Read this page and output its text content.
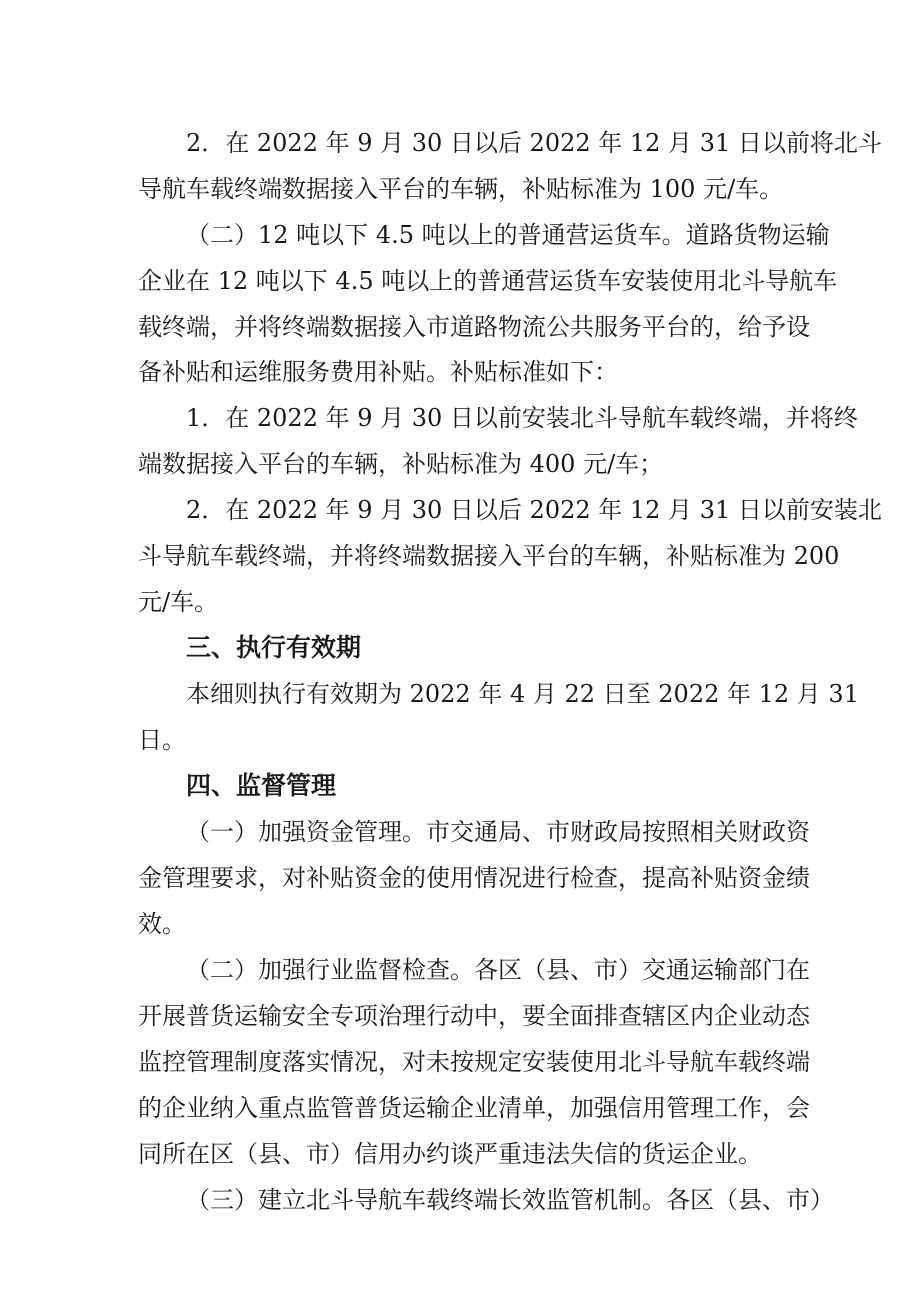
2．在 2022 年 9 月 30 日以后 2022 年 12 月 31 日以前将北斗
导航车载终端数据接入平台的车辆，补贴标准为 100 元/车。
（二）12 吨以下 4.5 吨以上的普通营运货车。道路货物运输
企业在 12 吨以下 4.5 吨以上的普通营运货车安装使用北斗导航车
载终端，并将终端数据接入市道路物流公共服务平台的，给予设
备补贴和运维服务费用补贴。补贴标准如下：
1．在 2022 年 9 月 30 日以前安装北斗导航车载终端，并将终
端数据接入平台的车辆，补贴标准为 400 元/车；
2．在 2022 年 9 月 30 日以后 2022 年 12 月 31 日以前安装北
斗导航车载终端，并将终端数据接入平台的车辆，补贴标准为 200
元/车。
三、执行有效期
本细则执行有效期为 2022 年 4 月 22 日至 2022 年 12 月 31
日。
四、监督管理
（一）加强资金管理。市交通局、市财政局按照相关财政资
金管理要求，对补贴资金的使用情况进行检查，提高补贴资金绩
效。
（二）加强行业监督检查。各区（县、市）交通运输部门在
开展普货运输安全专项治理行动中，要全面排查辖区内企业动态
监控管理制度落实情况，对未按规定安装使用北斗导航车载终端
的企业纳入重点监管普货运输企业清单，加强信用管理工作，会
同所在区（县、市）信用办约谈严重违法失信的货运企业。
（三）建立北斗导航车载终端长效监管机制。各区（县、市）
